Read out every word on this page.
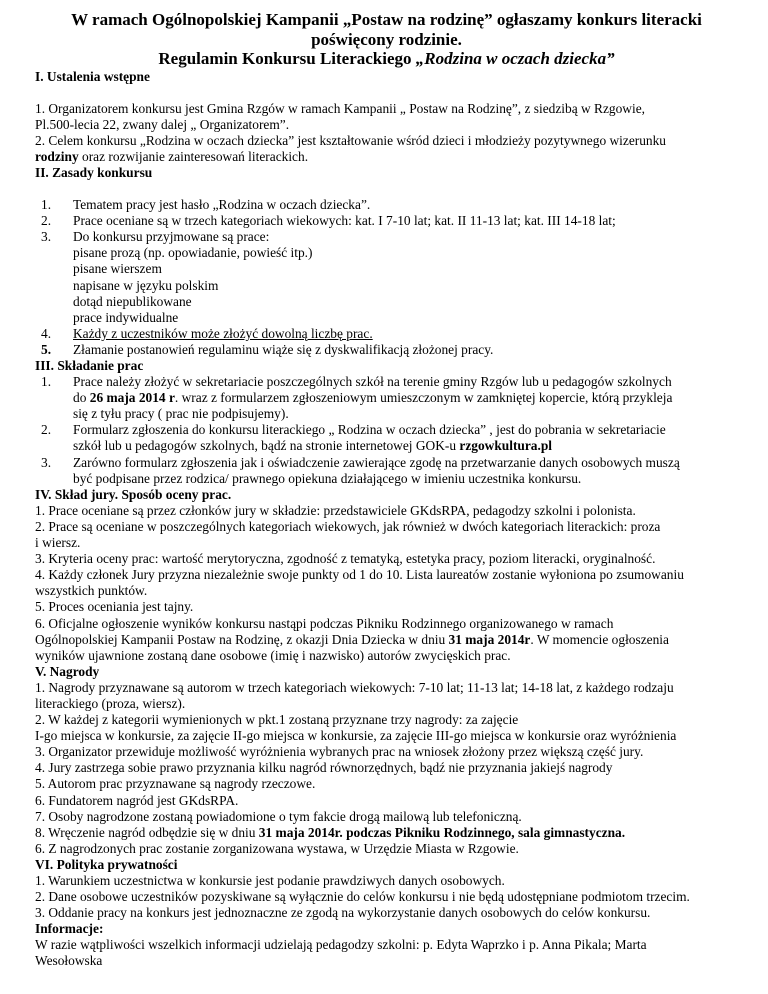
W ramach Ogólnopolskiej Kampanii „Postaw na rodzinę” ogłaszamy konkurs literacki
poświęcony rodzinie.
Regulamin Konkursu Literackiego „Rodzina w oczach dziecka”
I. Ustalenia wstępne
1. Organizatorem konkursu jest Gmina Rzgów w ramach Kampanii „ Postaw na Rodzinę”, z siedzibą w Rzgowie,
Pl.500-lecia 22, zwany dalej „ Organizatorem”.
2. Celem konkursu „Rodzina w oczach dziecka” jest kształtowanie wśród dzieci i młodzieży pozytywnego wizerunku
rodziny oraz rozwijanie zainteresowań literackich.
II. Zasady konkursu
1.	Tematem pracy jest hasło „Rodzina w oczach dziecka”.
2.	Prace oceniane są w trzech kategoriach wiekowych: kat. I 7-10 lat; kat. II 11-13 lat; kat. III 14-18 lat;
3.	Do konkursu przyjmowane są prace:
pisane prozą (np. opowiadanie, powieść itp.)
pisane wierszem
napisane w języku polskim
dotąd niepublikowane
prace indywidualne
4.	Każdy z uczestników może złożyć dowolną liczbę prac.
5.	Złamanie postanowień regulaminu wiąże się z dyskwalifikacją złożonej pracy.
III. Składanie prac
1.	Prace należy złożyć w sekretariacie poszczególnych szkół na terenie gminy Rzgów lub u pedagogów szkolnych
do 26 maja 2014 r. wraz z formularzem zgłoszeniowym umieszczonym w zamkniętej kopercie, którą przykleja
się z tyłu pracy ( prac nie podpisujemy).
2.	Formularz zgłoszenia do konkursu literackiego „ Rodzina w oczach dziecka” , jest do pobrania w sekretariacie
szkół lub u pedagogów szkolnych, bądź na stronie internetowej GOK-u rzgowkultura.pl
3.	Zarówno formularz zgłoszenia jak i oświadczenie zawierające zgodę na przetwarzanie danych osobowych muszą
być podpisane przez rodzica/ prawnego opiekuna działającego w imieniu uczestnika konkursu.
IV. Skład jury. Sposób oceny prac.
1. Prace oceniane są przez członków jury w składzie: przedstawiciele GKdsRPA, pedagodzy szkolni i polonista.
2. Prace są oceniane w poszczególnych kategoriach wiekowych, jak również w dwóch kategoriach literackich: proza
i wiersz.
3. Kryteria oceny prac: wartość merytoryczna, zgodność z tematyką, estetyka pracy, poziom literacki, oryginalność.
4. Każdy członek Jury przyzna niezależnie swoje punkty od 1 do 10. Lista laureatów zostanie wyłoniona po zsumowaniu
wszystkich punktów.
5. Proces oceniania jest tajny.
6. Oficjalne ogłoszenie wyników konkursu nastąpi podczas Pikniku Rodzinnego organizowanego w ramach
Ogólnopolskiej Kampanii Postaw na Rodzinę, z okazji Dnia Dziecka w dniu 31 maja 2014r. W momencie ogłoszenia
wyników ujawnione zostaną dane osobowe (imię i nazwisko) autorów zwycięskich prac.
V. Nagrody
1. Nagrody przyznawane są autorom w trzech kategoriach wiekowych: 7-10 lat; 11-13 lat; 14-18 lat, z każdego rodzaju
literackiego (proza, wiersz).
2. W każdej z kategorii wymienionych w pkt.1 zostaną przyznane trzy nagrody: za zajęcie
I-go miejsca w konkursie, za zajęcie II-go miejsca w konkursie, za zajęcie III-go miejsca w konkursie oraz wyróżnienia
3. Organizator przewiduje możliwość wyróżnienia wybranych prac na wniosek złożony przez większą część jury.
4. Jury zastrzega sobie prawo przyznania kilku nagród równorzędnych, bądź nie przyznania jakiejś nagrody
5. Autorom prac przyznawane są nagrody rzeczowe.
6. Fundatorem nagród jest GKdsRPA.
7. Osoby nagrodzone zostaną powiadomione o tym fakcie drogą mailową lub telefoniczną.
8. Wręczenie nagród odbędzie się w dniu 31 maja 2014r. podczas Pikniku Rodzinnego, sala gimnastyczna.
6. Z nagrodzonych prac zostanie zorganizowana wystawa, w Urzędzie Miasta w Rzgowie.
VI. Polityka prywatności
1. Warunkiem uczestnictwa w konkursie jest podanie prawdziwych danych osobowych.
2. Dane osobowe uczestników pozyskiwane są wyłącznie do celów konkursu i nie będą udostępniane podmiotom trzecim.
3. Oddanie pracy na konkurs jest jednoznaczne ze zgodą na wykorzystanie danych osobowych do celów konkursu.
Informacje:
W razie wątpliwości wszelkich informacji udzielają pedagodzy szkolni: p. Edyta Waprzko i p. Anna Pikala; Marta
Wesołowska
